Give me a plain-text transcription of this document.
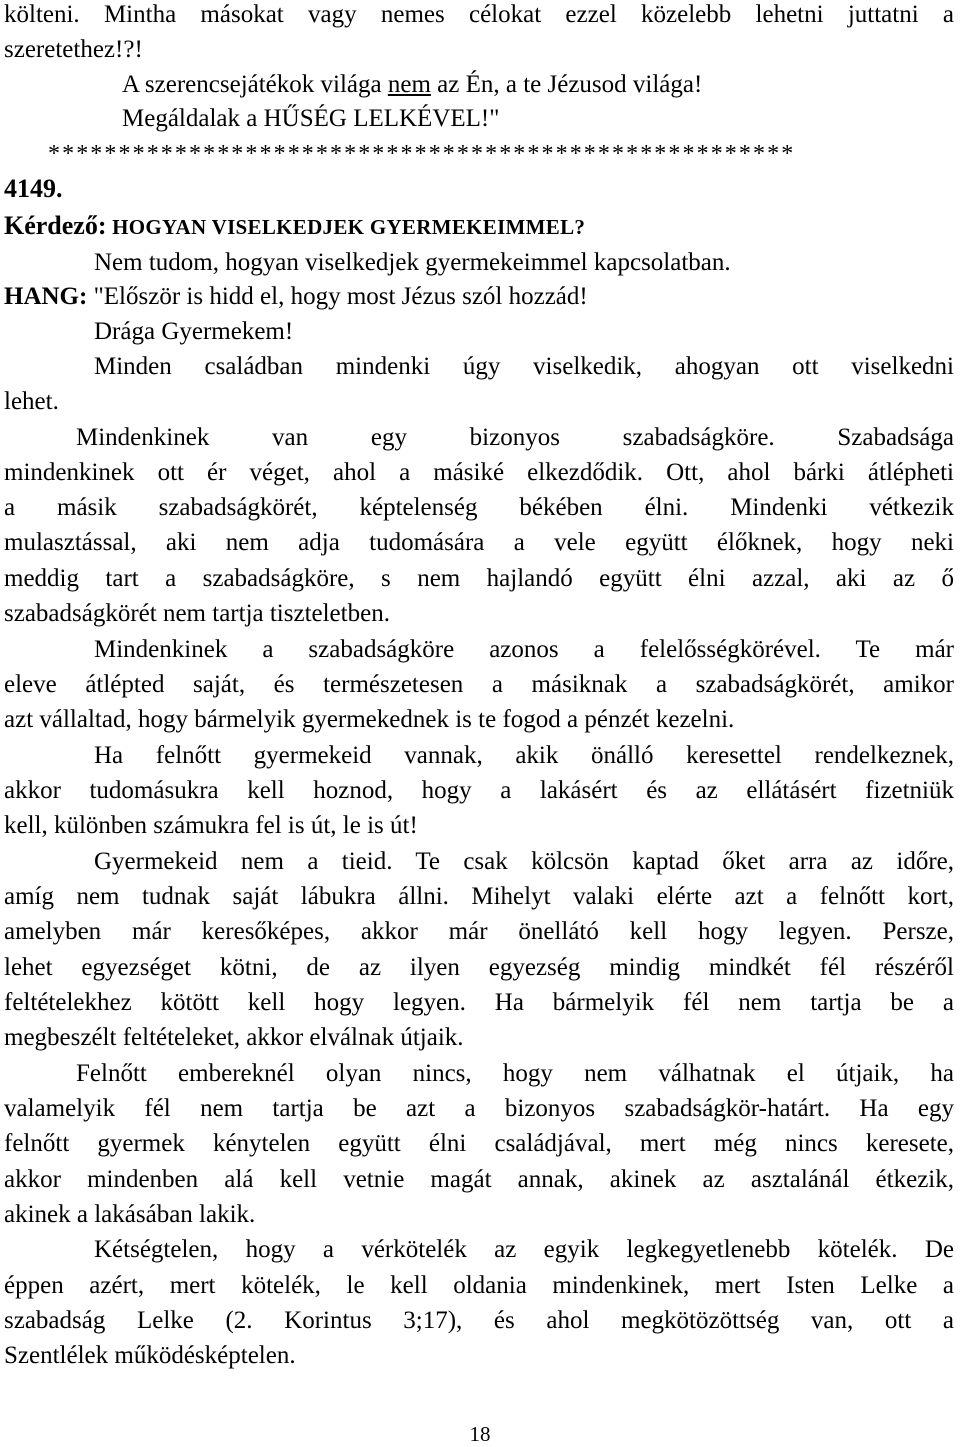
költeni. Mintha másokat vagy nemes célokat ezzel közelebb lehetni juttatni a
szeretethez!?!
A szerencsejátékok világa nem az Én, a te Jézusod világa!
Megáldalak a HŰSÉG LELKÉVEL!"
*****************************************************
4149.
Kérdező: HOGYAN VISELKEDJEK GYERMEKEIMMEL?
Nem tudom, hogyan viselkedjek gyermekeimmel kapcsolatban.
HANG: "Először is hidd el, hogy most Jézus szól hozzád!
Drága Gyermekem!
Minden családban mindenki úgy viselkedik, ahogyan ott viselkedni
lehet.
Mindenkinek van egy bizonyos szabadságköre. Szabadsága
mindenkinek ott ér véget, ahol a másiké elkezdődik. Ott, ahol bárki átlépheti
a másik szabadságkörét, képtelenség békében élni. Mindenki vétkezik
mulasztással, aki nem adja tudomására a vele együtt élőknek, hogy neki
meddig tart a szabadságköre, s nem hajlandó együtt élni azzal, aki az ő
szabadságkörét nem tartja tiszteletben.
Mindenkinek a szabadságköre azonos a felelősségkörével. Te már
eleve átlépted saját, és természetesen a másiknak a szabadságkörét, amikor
azt vállaltad, hogy bármelyik gyermekednek is te fogod a pénzét kezelni.
Ha felnőtt gyermekeid vannak, akik önálló keresettel rendelkeznek,
akkor tudomásukra kell hoznod, hogy a lakásért és az ellátásért fizetniük
kell, különben számukra fel is út, le is út!
Gyermekeid nem a tieid. Te csak kölcsön kaptad őket arra az időre,
amíg nem tudnak saját lábukra állni. Mihelyt valaki elérte azt a felnőtt kort,
amelyben már keresőképes, akkor már önellátó kell hogy legyen. Persze,
lehet egyezséget kötni, de az ilyen egyezség mindig mindkét fél részéről
feltételekhez kötött kell hogy legyen. Ha bármelyik fél nem tartja be a
megbeszélt feltételeket, akkor elválnak útjaik.
Felnőtt embereknél olyan nincs, hogy nem válhatnak el útjaik, ha
valamelyik fél nem tartja be azt a bizonyos szabadságkör-határt. Ha egy
felnőtt gyermek kénytelen együtt élni családjával, mert még nincs keresete,
akkor mindenben alá kell vetnie magát annak, akinek az asztalánál étkezik,
akinek a lakásában lakik.
Kétségtelen, hogy a vérkötelék az egyik legkegyetlenebb kötelék. De
éppen azért, mert kötelék, le kell oldania mindenkinek, mert Isten Lelke a
szabadság Lelke (2. Korintus 3;17), és ahol megkötözöttség van, ott a
Szentlélek működésképtelen.
18
